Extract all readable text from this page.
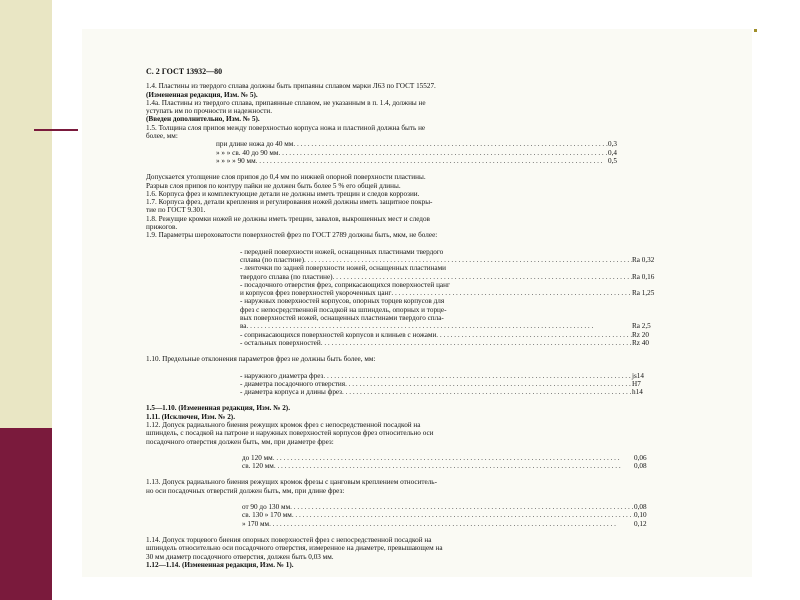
С. 2 ГОСТ 13932—80
1.4. Пластины из твердого сплава должны быть припаяны сплавом марки Л63 по ГОСТ 15527.
(Измененная редакция, Изм. № 5).
1.4а. Пластины из твердого сплава, припаянные сплавом, не указанным в п. 1.4, должны не
уступать им по прочности и надежности.
(Введен дополнительно, Изм. № 5).
1.5. Толщина слоя припоя между поверхностью корпуса ножа и пластиной должна быть не
более, мм:
при длине ножа до 40 мм . . .	0,3
» » » св. 40 до 90 мм . . .	0,4
» » » » 90 мм . . .	0,5
Допускается утолщение слоя припоя до 0,4 мм по нижней опорной поверхности пластины.
Разрыв слоя припоя по контуру пайки не должен быть более 5 % его общей длины.
1.6. Корпуса фрез и комплектующие детали не должны иметь трещин и следов коррозии.
1.7. Корпуса фрез, детали крепления и регулирования ножей должны иметь защитное покры-
тие по ГОСТ 9.301.
1.8. Режущие кромки ножей не должны иметь трещин, завалов, выкрошенных мест и следов
прижогов.
1.9. Параметры шероховатости поверхностей фрез по ГОСТ 2789 должны быть, мкм, не более:
- передней поверхности ножей, оснащенных пластинами твердого
сплава (по пластине) . . .	Ra 0,32
- ленточки по задней поверхности ножей, оснащенных пластинами
твердого сплава (по пластине) . . .	Ra 0,16
- посадочного отверстия фрез, соприкасающихся поверхностей цанг
и корпусов фрез поверхностей укороченных цанг . . .	Ra 1,25
- наружных поверхностей корпусов, опорных торцев корпусов для
фрез с непосредственной посадкой на шпиндель, опорных и торце-
вых поверхностей ножей, оснащенных пластинами твердого спла-
ва . . .	Ra 2,5
- соприкасающихся поверхностей корпусов и клиньев с ножами . . .	Rz 20
- остальных поверхностей . . .	Rz 40
1.10. Предельные отклонения параметров фрез не должны быть более, мм:
- наружного диаметра фрез . . .	js14
- диаметра посадочного отверстия . . .	H7
- диаметра корпуса и длины фрез . . .	h14
1.5—1.10. (Измененная редакция, Изм. № 2).
1.11. (Исключен, Изм. № 2).
1.12. Допуск радиального биения режущих кромок фрез с непосредственной посадкой на
шпиндель, с посадкой на патроне и наружных поверхностей корпусов фрез относительно оси
посадочного отверстия должен быть, мм, при диаметре фрез:
до 120 мм . . .	0,06
св. 120 мм . . .	0,08
1.13. Допуск радиального биения режущих кромок фрезы с цанговым креплением относитель-
но оси посадочных отверстий должен быть, мм, при длине фрез:
от 90 до 130 мм . . .	0,08
св. 130 » 170 мм . . .	0,10
» 170 мм . . .	0,12
1.14. Допуск торцевого биения опорных поверхностей фрез с непосредственной посадкой на
шпиндель относительно оси посадочного отверстия, измеренное на диаметре, превышающем на
30 мм диаметр посадочного отверстия, должен быть 0,03 мм.
1.12—1.14. (Измененная редакция, Изм. № 1).
